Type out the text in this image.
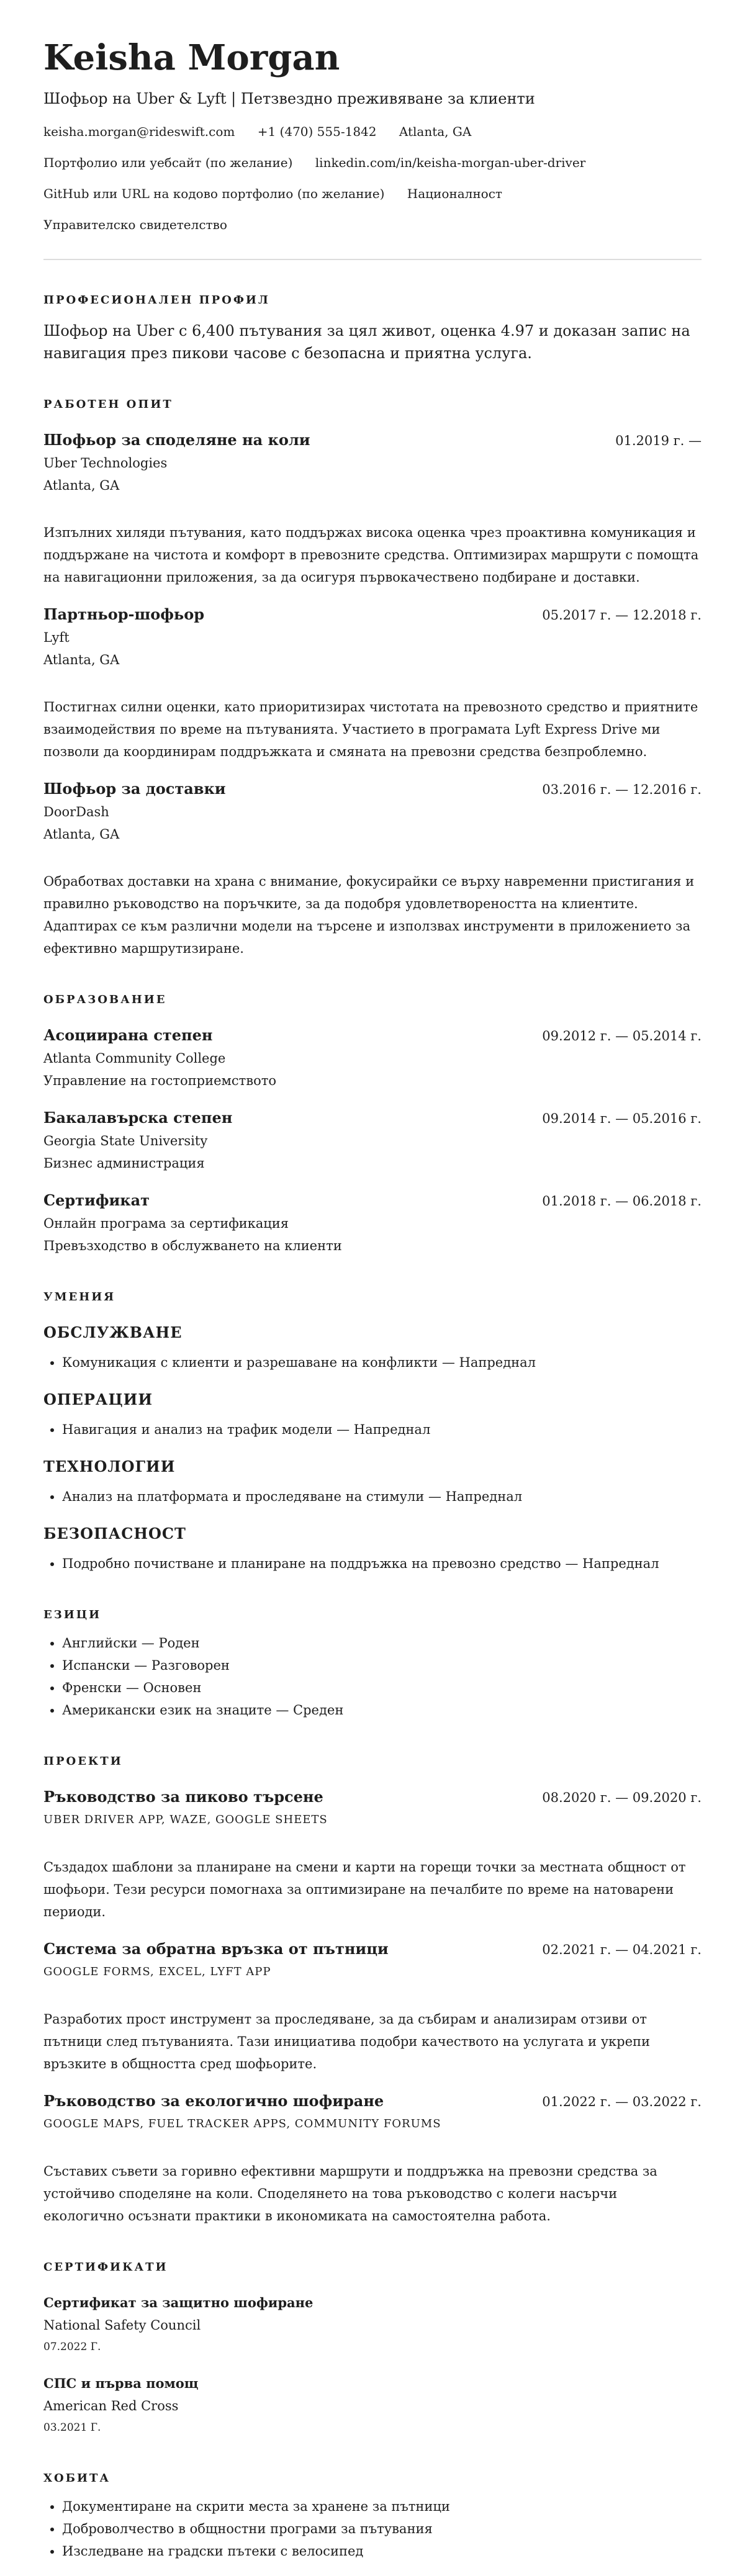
Keisha Morgan
Шофьор на Uber & Lyft | Петзвездно преживяване за клиенти
keisha.morgan@rideswift.com +1 (470) 555-1842 Atlanta, GA
Портфолио или уебсайт (по желание) linkedin.com/in/keisha-morgan-uber-driver
GitHub или URL на кодово портфолио (по желание) Националност
Управителско свидетелство
ПРОФЕСИОНАЛЕН ПРОФИЛ
Шофьор на Uber с 6,400 пътувания за цял живот, оценка 4.97 и доказан запис на навигация през пикови часове с безопасна и приятна услуга.
РАБОТЕН ОПИТ
Шофьор за споделяне на коли	01.2019 г. —
Uber Technologies
Atlanta, GA
Изпълних хиляди пътувания, като поддържах висока оценка чрез проактивна комуникация и поддържане на чистота и комфорт в превозните средства. Оптимизирах маршрути с помощта на навигационни приложения, за да осигуря първокачествено подбиране и доставки.
Партньор-шофьор	05.2017 г. — 12.2018 г.
Lyft
Atlanta, GA
Постигнах силни оценки, като приоритизирах чистотата на превозното средство и приятните взаимодействия по време на пътуванията. Участието в програмата Lyft Express Drive ми позволи да координирам поддръжката и смяната на превозни средства безпроблемно.
Шофьор за доставки	03.2016 г. — 12.2016 г.
DoorDash
Atlanta, GA
Обработвах доставки на храна с внимание, фокусирайки се върху навременни пристигания и правилно ръководство на поръчките, за да подобря удовлетвореността на клиентите. Адаптирах се към различни модели на търсене и използвах инструменти в приложението за ефективно маршрутизиране.
ОБРАЗОВАНИЕ
Асоциирана степен	09.2012 г. — 05.2014 г.
Atlanta Community College
Управление на гостоприемството
Бакалавърска степен	09.2014 г. — 05.2016 г.
Georgia State University
Бизнес администрация
Сертификат	01.2018 г. — 06.2018 г.
Онлайн програма за сертификация
Превъзходство в обслужването на клиенти
УМЕНИЯ
ОБСЛУЖВАНЕ
• Комуникация с клиенти и разрешаване на конфликти — Напреднал
ОПЕРАЦИИ
• Навигация и анализ на трафик модели — Напреднал
ТЕХНОЛОГИИ
• Анализ на платформата и проследяване на стимули — Напреднал
БЕЗОПАСНОСТ
• Подробно почистване и планиране на поддръжка на превозно средство — Напреднал
ЕЗИЦИ
• Английски — Роден
• Испански — Разговорен
• Френски — Основен
• Американски език на знаците — Среден
ПРОЕКТИ
Ръководство за пиково търсене	08.2020 г. — 09.2020 г.
UBER DRIVER APP, WAZE, GOOGLE SHEETS
Създадох шаблони за планиране на смени и карти на горещи точки за местната общност от шофьори. Тези ресурси помогнаха за оптимизиране на печалбите по време на натоварени периоди.
Система за обратна връзка от пътници	02.2021 г. — 04.2021 г.
GOOGLE FORMS, EXCEL, LYFT APP
Разработих прост инструмент за проследяване, за да събирам и анализирам отзиви от пътници след пътуванията. Тази инициатива подобри качеството на услугата и укрепи връзките в общността сред шофьорите.
Ръководство за екологично шофиране	01.2022 г. — 03.2022 г.
GOOGLE MAPS, FUEL TRACKER APPS, COMMUNITY FORUMS
Съставих съвети за горивно ефективни маршрути и поддръжка на превозни средства за устойчиво споделяне на коли. Споделянето на това ръководство с колеги насърчи екологично осъзнати практики в икономиката на самостоятелна работа.
СЕРТИФИКАТИ
Сертификат за защитно шофиране
National Safety Council
07.2022 Г.
СПС и първа помощ
American Red Cross
03.2021 Г.
ХОБИТА
• Документиране на скрити места за хранене за пътници
• Доброволчество в общностни програми за пътувания
• Изследване на градски пътеки с велосипед
